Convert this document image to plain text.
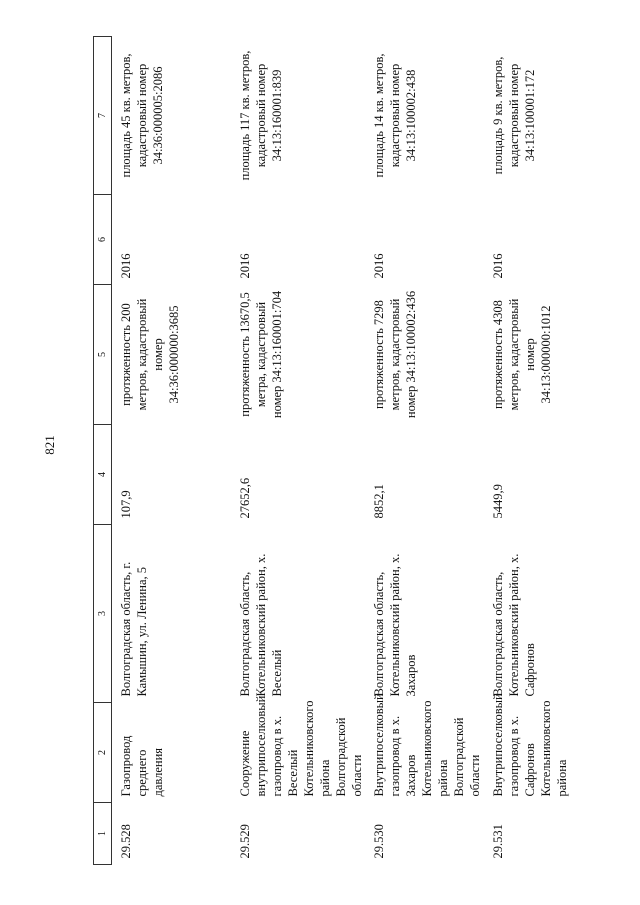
821
1	2	3	4	5	6	7
29.528	Газопровод среднего давления	Волгоградская область, г. Камышин, ул. Ленина, 5	107,9	протяженность 200 метров, кадастровый номер 34:36:000000:3685	2016	площадь 45 кв. метров, кадастровый номер 34:36:000005:2086
29.529	Сооружение внутрипоселковый газопровод в х. Веселый Котельниковского района Волгоградской области	Волгоградская область, Котельниковский район, х. Веселый	27652,6	протяженность 13670,5 метра, кадастровый номер 34:13:160001:704	2016	площадь 117 кв. метров, кадастровый номер 34:13:160001:839
29.530	Внутрипоселковый газопровод в х. Захаров Котельниковского района Волгоградской области	Волгоградская область, Котельниковский район, х. Захаров	8852,1	протяженность 7298 метров, кадастровый номер 34:13:100002:436	2016	площадь 14 кв. метров, кадастровый номер 34:13:100002:438
29.531	Внутрипоселковый газопровод в х. Сафронов Котельниковского района	Волгоградская область, Котельниковский район, х. Сафронов	5449,9	протяженность 4308 метров, кадастровый номер 34:13:000000:1012	2016	площадь 9 кв. метров, кадастровый номер 34:13:100001:172
